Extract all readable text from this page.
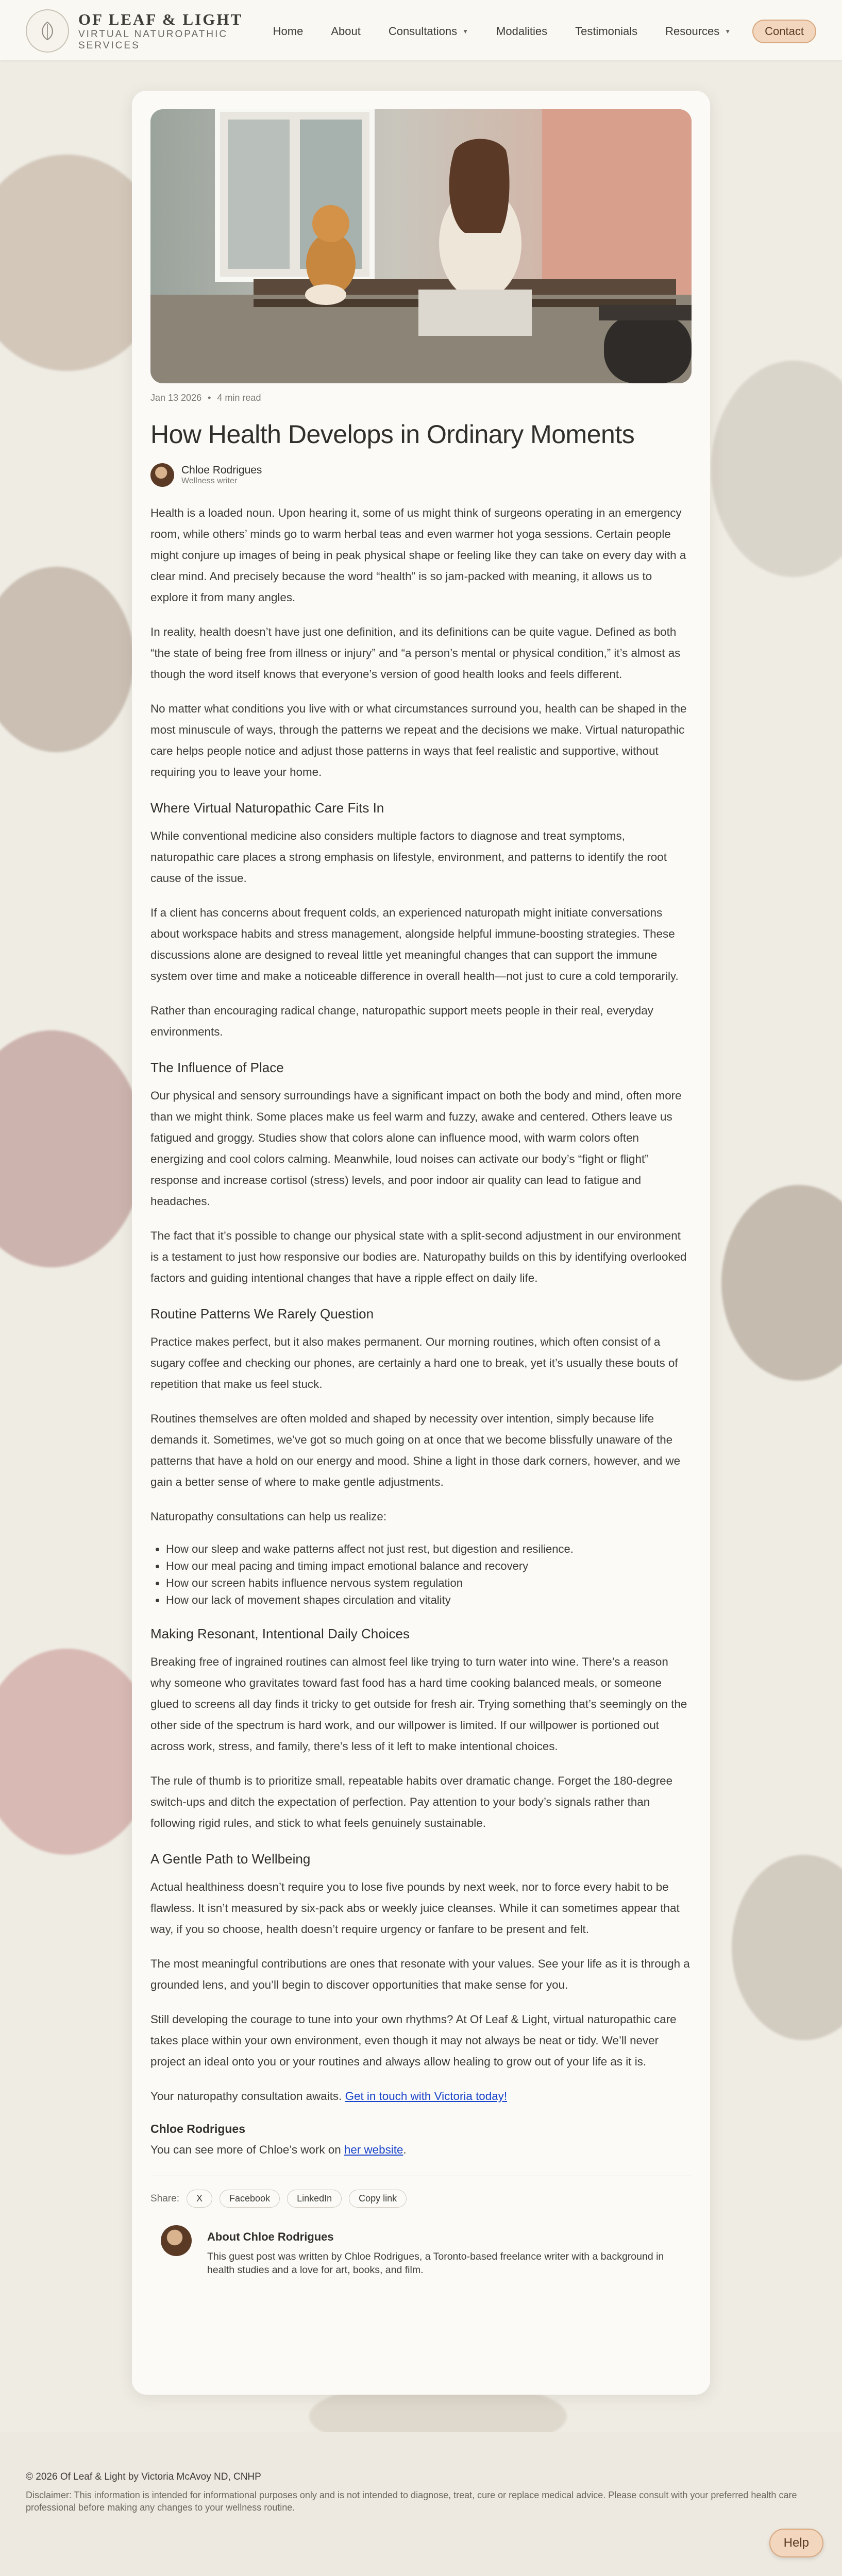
OF LEAF & LIGHT
VIRTUAL NATUROPATHIC
SERVICES
Home About Consultations ▼ Modalities Testimonials Resources ▼	Contact
Jan 13 2026 • 4 min read
How Health Develops in Ordinary Moments
Chloe Rodrigues
Wellness writer

Health is a loaded noun. Upon hearing it, some of us might think of surgeons operating in an emergency room, while others’ minds go to warm herbal teas and even warmer hot yoga sessions. Certain people might conjure up images of being in peak physical shape or feeling like they can take on every day with a clear mind. And precisely because the word “health” is so jam-packed with meaning, it allows us to explore it from many angles.

In reality, health doesn’t have just one definition, and its definitions can be quite vague. Defined as both “the state of being free from illness or injury” and “a person’s mental or physical condition,” it’s almost as though the word itself knows that everyone’s version of good health looks and feels different.

No matter what conditions you live with or what circumstances surround you, health can be shaped in the most minuscule of ways, through the patterns we repeat and the decisions we make. Virtual naturopathic care helps people notice and adjust those patterns in ways that feel realistic and supportive, without requiring you to leave your home.

Where Virtual Naturopathic Care Fits In

While conventional medicine also considers multiple factors to diagnose and treat symptoms, naturopathic care places a strong emphasis on lifestyle, environment, and patterns to identify the root cause of the issue.

If a client has concerns about frequent colds, an experienced naturopath might initiate conversations about workspace habits and stress management, alongside helpful immune-boosting strategies. These discussions alone are designed to reveal little yet meaningful changes that can support the immune system over time and make a noticeable difference in overall health—not just to cure a cold temporarily.

Rather than encouraging radical change, naturopathic support meets people in their real, everyday environments.

The Influence of Place

Our physical and sensory surroundings have a significant impact on both the body and mind, often more than we might think. Some places make us feel warm and fuzzy, awake and centered. Others leave us fatigued and groggy. Studies show that colors alone can influence mood, with warm colors often energizing and cool colors calming. Meanwhile, loud noises can activate our body’s “fight or flight” response and increase cortisol (stress) levels, and poor indoor air quality can lead to fatigue and headaches.

The fact that it’s possible to change our physical state with a split-second adjustment in our environment is a testament to just how responsive our bodies are. Naturopathy builds on this by identifying overlooked factors and guiding intentional changes that have a ripple effect on daily life.

Routine Patterns We Rarely Question

Practice makes perfect, but it also makes permanent. Our morning routines, which often consist of a sugary coffee and checking our phones, are certainly a hard one to break, yet it’s usually these bouts of repetition that make us feel stuck.

Routines themselves are often molded and shaped by necessity over intention, simply because life demands it. Sometimes, we’ve got so much going on at once that we become blissfully unaware of the patterns that have a hold on our energy and mood. Shine a light in those dark corners, however, and we gain a better sense of where to make gentle adjustments.

Naturopathy consultations can help us realize:

• How our sleep and wake patterns affect not just rest, but digestion and resilience.
• How our meal pacing and timing impact emotional balance and recovery
• How our screen habits influence nervous system regulation
• How our lack of movement shapes circulation and vitality
Making Resonant, Intentional Daily Choices

Breaking free of ingrained routines can almost feel like trying to turn water into wine. There’s a reason why someone who gravitates toward fast food has a hard time cooking balanced meals, or someone glued to screens all day finds it tricky to get outside for fresh air. Trying something that’s seemingly on the other side of the spectrum is hard work, and our willpower is limited. If our willpower is portioned out across work, stress, and family, there’s less of it left to make intentional choices.

The rule of thumb is to prioritize small, repeatable habits over dramatic change. Forget the 180-degree switch-ups and ditch the expectation of perfection. Pay attention to your body’s signals rather than following rigid rules, and stick to what feels genuinely sustainable.

A Gentle Path to Wellbeing

Actual healthiness doesn’t require you to lose five pounds by next week, nor to force every habit to be flawless. It isn’t measured by six-pack abs or weekly juice cleanses. While it can sometimes appear that way, if you so choose, health doesn’t require urgency or fanfare to be present and felt.

The most meaningful contributions are ones that resonate with your values. See your life as it is through a grounded lens, and you’ll begin to discover opportunities that make sense for you.

Still developing the courage to tune into your own rhythms? At Of Leaf & Light, virtual naturopathic care takes place within your own environment, even though it may not always be neat or tidy. We’ll never project an ideal onto you or your routines and always allow healing to grow out of your life as it is.

Your naturopathy consultation awaits. Get in touch with Victoria today!

Chloe Rodrigues

You can see more of Chloe’s work on her website.

Share:	X	Facebook	LinkedIn	Copy link
About Chloe Rodrigues
This guest post was written by Chloe Rodrigues, a Toronto-based freelance writer with a background in health studies and a love for art, books, and film.
© 2026 Of Leaf & Light by Victoria McAvoy ND, CNHP
Disclaimer: This information is intended for informational purposes only and is not intended to diagnose, treat, cure or replace medical advice. Please consult with your preferred health care professional before making any changes to your wellness routine.
Help
